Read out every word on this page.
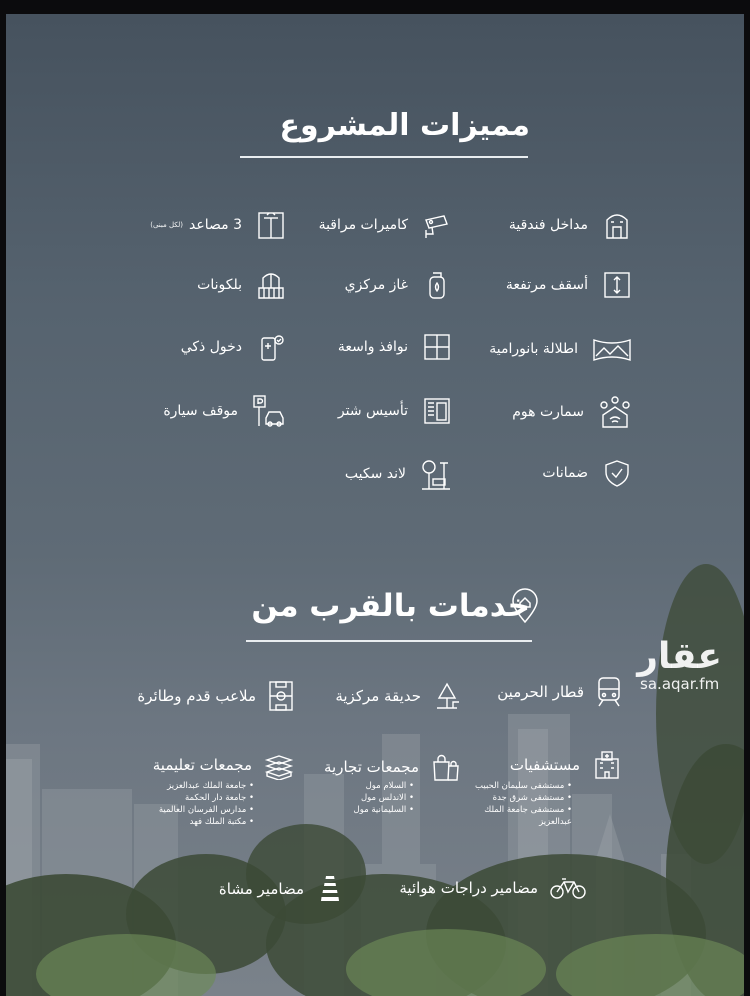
مميزات المشروع
مداخل فندقية
كاميرات مراقبة
3 مصاعد
(لكل مبنى)
أسقف مرتفعة
غاز مركزي
بلكونات
اطلالة بانورامية
نوافذ واسعة
دخول ذكي
سمارت هوم
تأسيس شتر
موقف سيارة
ضمانات
لاند سكيب
خدمات بالقرب من
قطار الحرمين
حديقة مركزية
ملاعب قدم وطائرة
مستشفيات
• مستشفى سليمان الحبيب
• مستشفى شرق جدة
• مستشفى جامعة الملك عبدالعزيز
مجمعات تجارية
• السلام مول
• الاندلس مول
• السليمانية مول
مجمعات تعليمية
• جامعة الملك عبدالعزيز
• جامعة دار الحكمة
• مدارس الفرسان العالمية
• مكتبة الملك فهد
مضامير دراجات هوائية
مضامير مشاة
عقار
sa.aqar.fm
